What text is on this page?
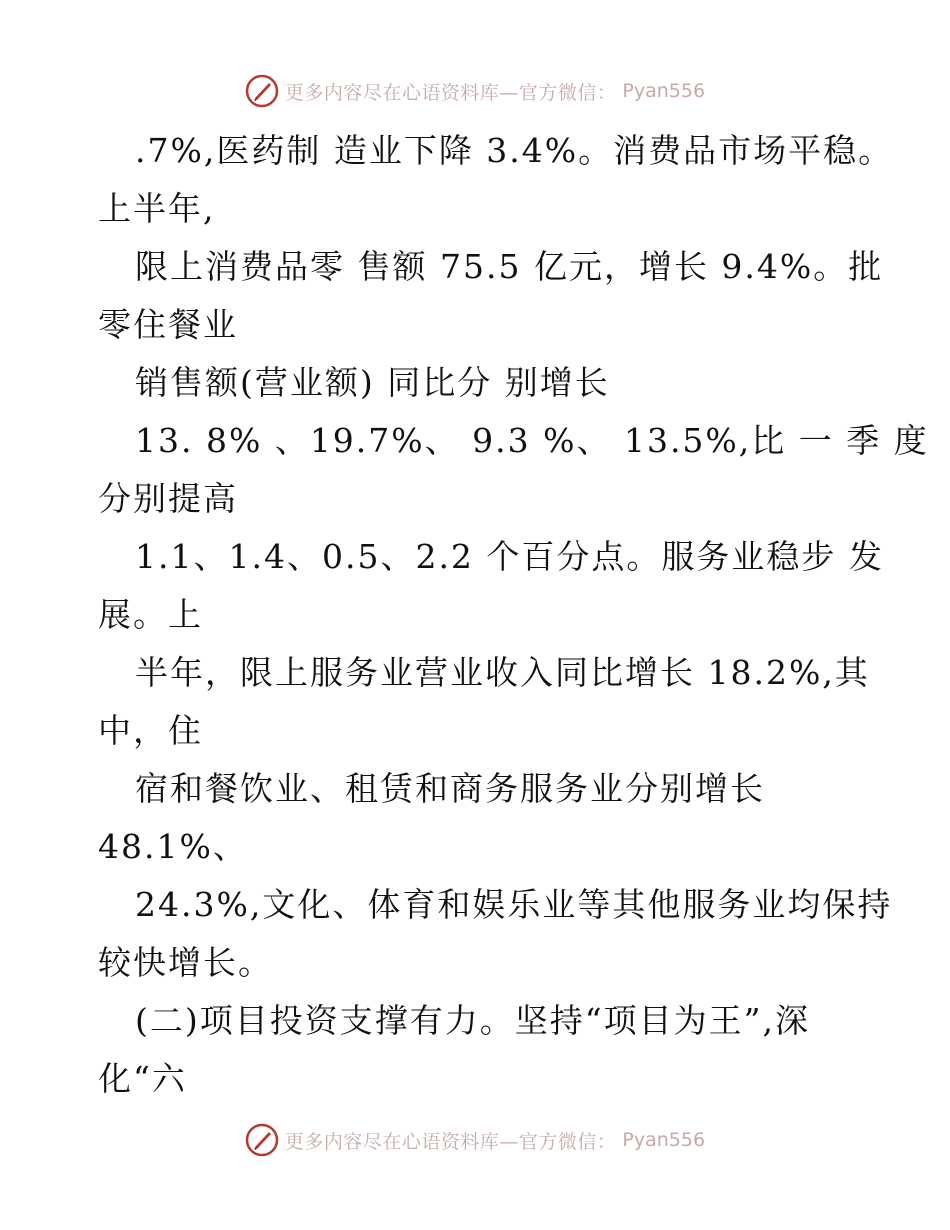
更多内容尽在心语资料库—官方微信： Pyan556
.7%,医药制 造业下降 3.4%。消费品市场平稳。
上半年,
限上消费品零 售额 75.5 亿元，增长 9.4%。批
零住餐业
销售额(营业额) 同比分 别增长
13. 8% 、19.7%、 9.3 %、 13.5%,比 一 季 度
分别提高
1.1、1.4、0.5、2.2 个百分点。服务业稳步 发
展。上
半年，限上服务业营业收入同比增长 18.2%,其
中，住
宿和餐饮业、租赁和商务服务业分别增长
48.1%、
24.3%,文化、体育和娱乐业等其他服务业均保持
较快增长。
(二)项目投资支撑有力。坚持“项目为王”,深
化“六
更多内容尽在心语资料库—官方微信： Pyan556
